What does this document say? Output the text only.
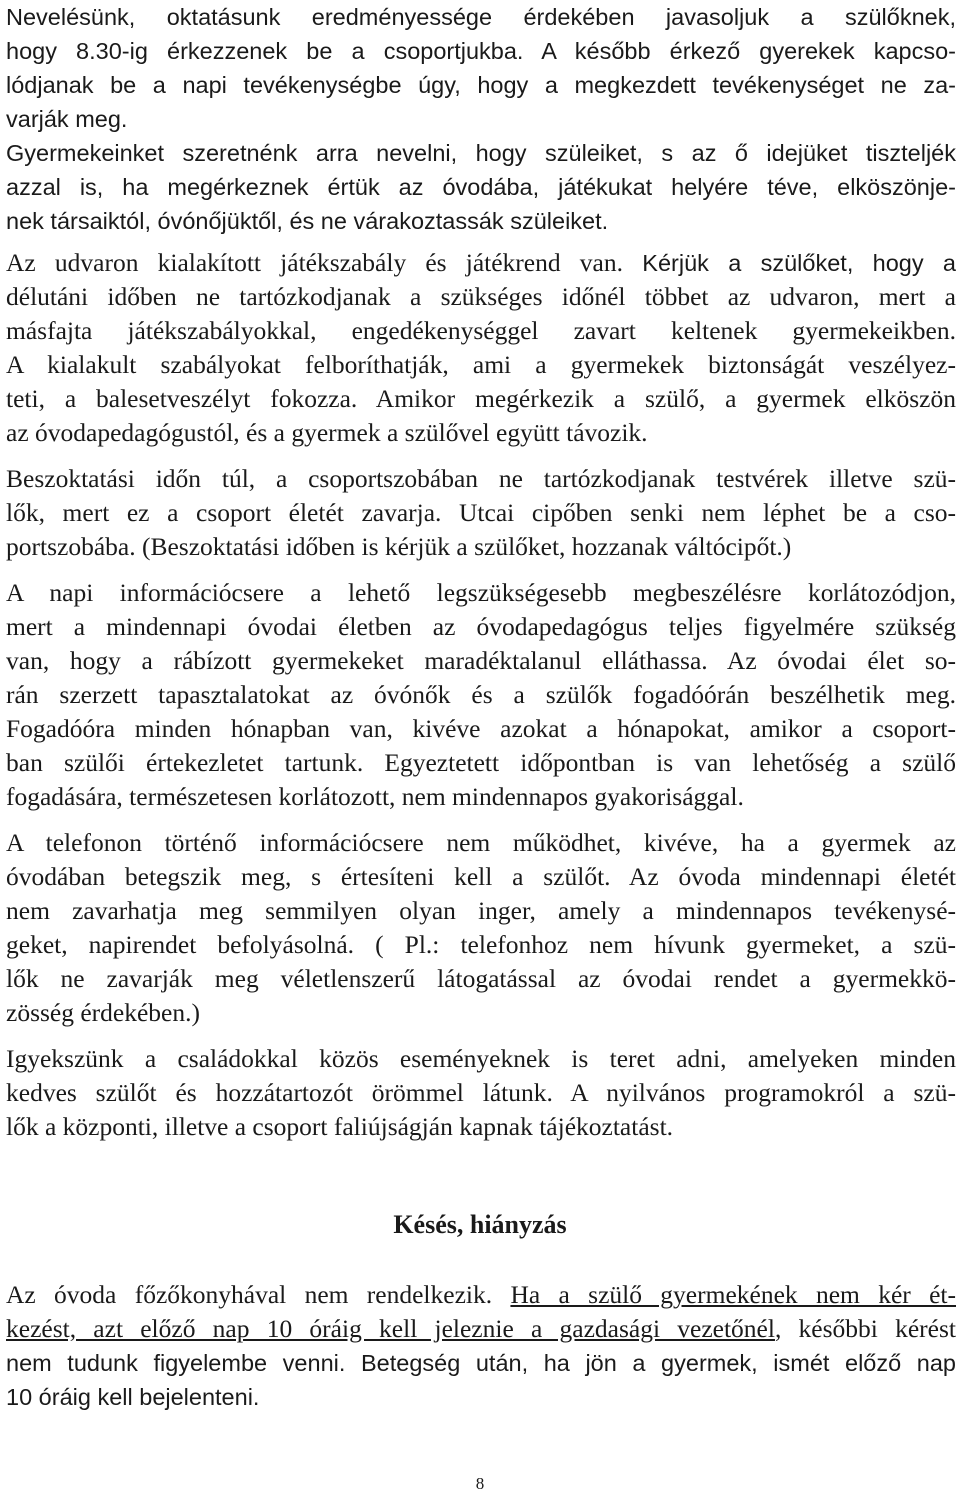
Nevelésünk, oktatásunk eredményessége érdekében javasoljuk a szülőknek,
hogy 8.30-ig érkezzenek be a csoportjukba. A később érkező gyerekek kapcso-
lódjanak be a napi tevékenységbe úgy, hogy a megkezdett tevékenységet ne za-
varják meg.

Gyermekeinket szeretnénk arra nevelni, hogy szüleiket, s az ő idejüket tiszteljék
azzal is, ha megérkeznek értük az óvodába, játékukat helyére téve, elköszönje-
nek társaiktól, óvónőjüktől, és ne várakoztassák szüleiket.

Az udvaron kialakított játékszabály és játékrend van. Kérjük a szülőket, hogy a
délutáni időben ne tartózkodjanak a szükséges időnél többet az udvaron, mert a
másfajta játékszabályokkal, engedékenységgel zavart keltenek gyermekeikben.
A kialakult szabályokat felboríthatják, ami a gyermekek biztonságát veszélyez-
teti, a balesetveszélyt fokozza. Amikor megérkezik a szülő, a gyermek elköszön
az óvodapedagógustól, és a gyermek a szülővel együtt távozik.

Beszoktatási időn túl, a csoportszobában ne tartózkodjanak testvérek illetve szü-
lők, mert ez a csoport életét zavarja. Utcai cipőben senki nem léphet be a cso-
portszobába. (Beszoktatási időben is kérjük a szülőket, hozzanak váltócipőt.)

A napi információcsere a lehető legszükségesebb megbeszélésre korlátozódjon,
mert a mindennapi óvodai életben az óvodapedagógus teljes figyelmére szükség
van, hogy a rábízott gyermekeket maradéktalanul elláthassa. Az óvodai élet so-
rán szerzett tapasztalatokat az óvónők és a szülők fogadóórán beszélhetik meg.
Fogadóóra minden hónapban van, kivéve azokat a hónapokat, amikor a csoport-
ban szülői értekezletet tartunk. Egyeztetett időpontban is van lehetőség a szülő
fogadására, természetesen korlátozott, nem mindennapos gyakorisággal.

A telefonon történő információcsere nem működhet, kivéve, ha a gyermek az
óvodában betegszik meg, s értesíteni kell a szülőt. Az óvoda mindennapi életét
nem zavarhatja meg semmilyen olyan inger, amely a mindennapos tevékenysé-
geket, napirendet befolyásolná. ( Pl.: telefonhoz nem hívunk gyermeket, a szü-
lők ne zavarják meg véletlenszerű látogatással az óvodai rendet a gyermekkö-
zösség érdekében.)

Igyekszünk a családokkal közös eseményeknek is teret adni, amelyeken minden
kedves szülőt és hozzátartozót örömmel látunk. A nyilvános programokról a szü-
lők a központi, illetve a csoport faliújságján kapnak tájékoztatást.

Késés, hiányzás

Az óvoda főzőkonyhával nem rendelkezik. Ha a szülő gyermekének nem kér ét-
kezést, azt előző nap 10 óráig kell jeleznie a gazdasági vezetőnél, későbbi kérést
nem tudunk figyelembe venni. Betegség után, ha jön a gyermek, ismét előző nap
10 óráig kell bejelenteni.

8
